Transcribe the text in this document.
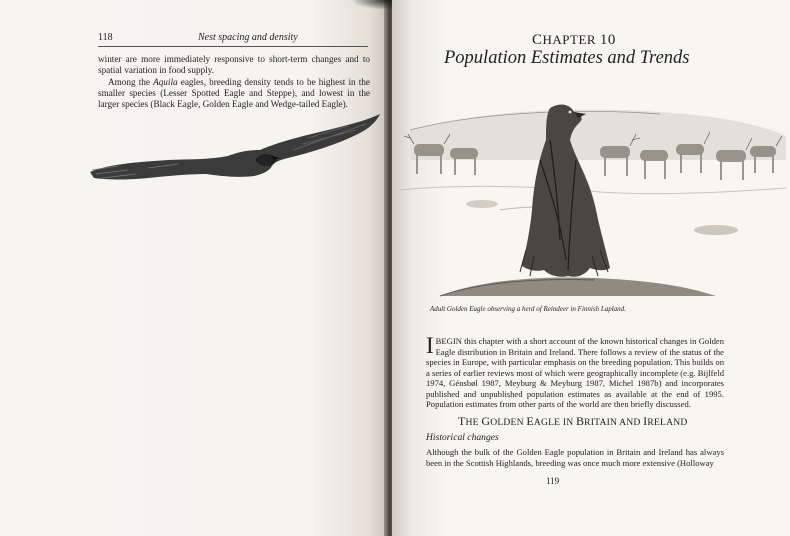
118	Nest spacing and density

winter are more immediately responsive to short-term changes and to spatial variation in food supply.

Among the Aquila eagles, breeding density tends to be highest in the smaller species (Lesser Spotted Eagle and Steppe), and lowest in the larger species (Black Eagle, Golden Eagle and Wedge-tailed Eagle).

CHAPTER 10
Population Estimates and Trends
Adult Golden Eagle observing a herd of Reindeer in Finnish Lapland.

I BEGIN this chapter with a short account of the known historical changes in Golden Eagle distribution in Britain and Ireland. There follows a review of the status of the species in Europe, with particular emphasis on the breeding population. This builds on a series of earlier reviews most of which were geographically incomplete (e.g. Bijlfeld 1974, Génsbøl 1987, Meyburg & Meyburg 1987, Michel 1987b) and incorporates published and unpublished population estimates as available at the end of 1995. Population estimates from other parts of the world are then briefly discussed.

THE GOLDEN EAGLE IN BRITAIN AND IRELAND
Historical changes

Although the bulk of the Golden Eagle population in Britain and Ireland has always been in the Scottish Highlands, breeding was once much more extensive (Holloway

119
